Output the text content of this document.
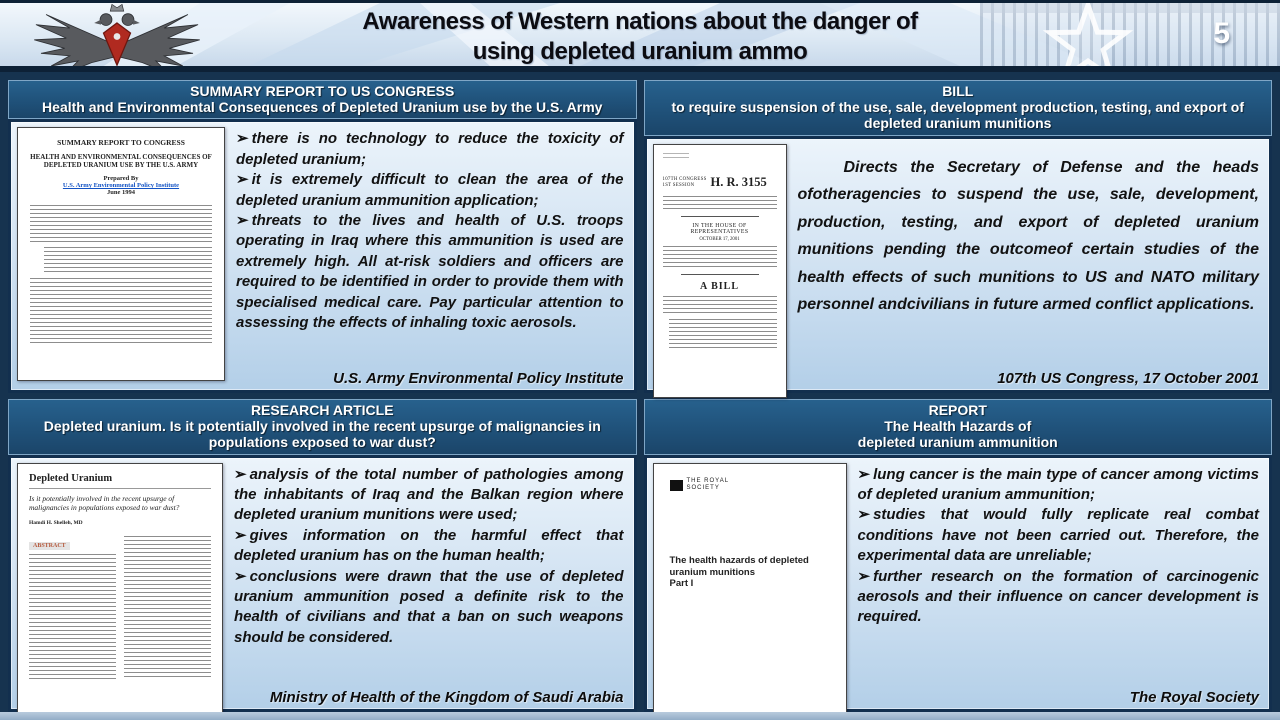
Awareness of Western nations about the danger of
using depleted uranium ammo
5
SUMMARY REPORT TO US CONGRESS
Health and Environmental Consequences of Depleted Uranium use by the U.S. Army
SUMMARY REPORT TO CONGRESS
HEALTH AND ENVIRONMENTAL CONSEQUENCES OF DEPLETED URANIUM USE BY THE U.S. ARMY
Prepared By
U.S. Army Environmental Policy Institute
June 1994

➢ there is no technology to reduce the toxicity of depleted uranium;

➢ it is extremely difficult to clean the area of the depleted uranium ammunition application;

➢ threats to the lives and health of U.S. troops operating in Iraq where this ammunition is used are extremely high. All at-risk soldiers and officers are required to be identified in order to provide them with specialised medical care. Pay particular attention to assessing the effects of inhaling toxic aerosols.

U.S. Army Environmental Policy Institute
BILL
to require suspension of the use, sale, development production, testing, and export of depleted uranium munitions
107TH CONGRESS
1ST SESSION	H. R. 3155
IN THE HOUSE OF REPRESENTATIVES
OCTOBER 17, 2001
A BILL

Directs the Secretary of Defense and the heads ofotheragencies to suspend the use, sale, development, production, testing, and export of depleted uranium munitions pending the outcomeof certain studies of the health effects of such munitions to US and NATO military personnel andcivilians in future armed conflict applications.

107th US Congress, 17 October 2001
RESEARCH ARTICLE
Depleted uranium. Is it potentially involved in the recent upsurge of malignancies in populations exposed to war dust?
Depleted Uranium
Is it potentially involved in the recent upsurge of malignancies in populations exposed to war dust?
Hamdi H. Shelleh, MD
ABSTRACT

➢ analysis of the total number of pathologies among the inhabitants of Iraq and the Balkan region where depleted uranium munitions were used;

➢ gives information on the harmful effect that depleted uranium has on the human health;

➢ conclusions were drawn that the use of depleted uranium ammunition posed a definite risk to the health of civilians and that a ban on such weapons should be considered.

Ministry of Health of the Kingdom of Saudi Arabia
REPORT
The Health Hazards of
depleted uranium ammunition
THE ROYAL
SOCIETY
The health hazards of depleted
uranium munitions
Part I

➢ lung cancer is the main type of cancer among victims of depleted uranium ammunition;

➢ studies that would fully replicate real combat conditions have not been carried out. Therefore, the experimental data are unreliable;

➢ further research on the formation of carcinogenic aerosols and their influence on cancer development is required.

The Royal Society
